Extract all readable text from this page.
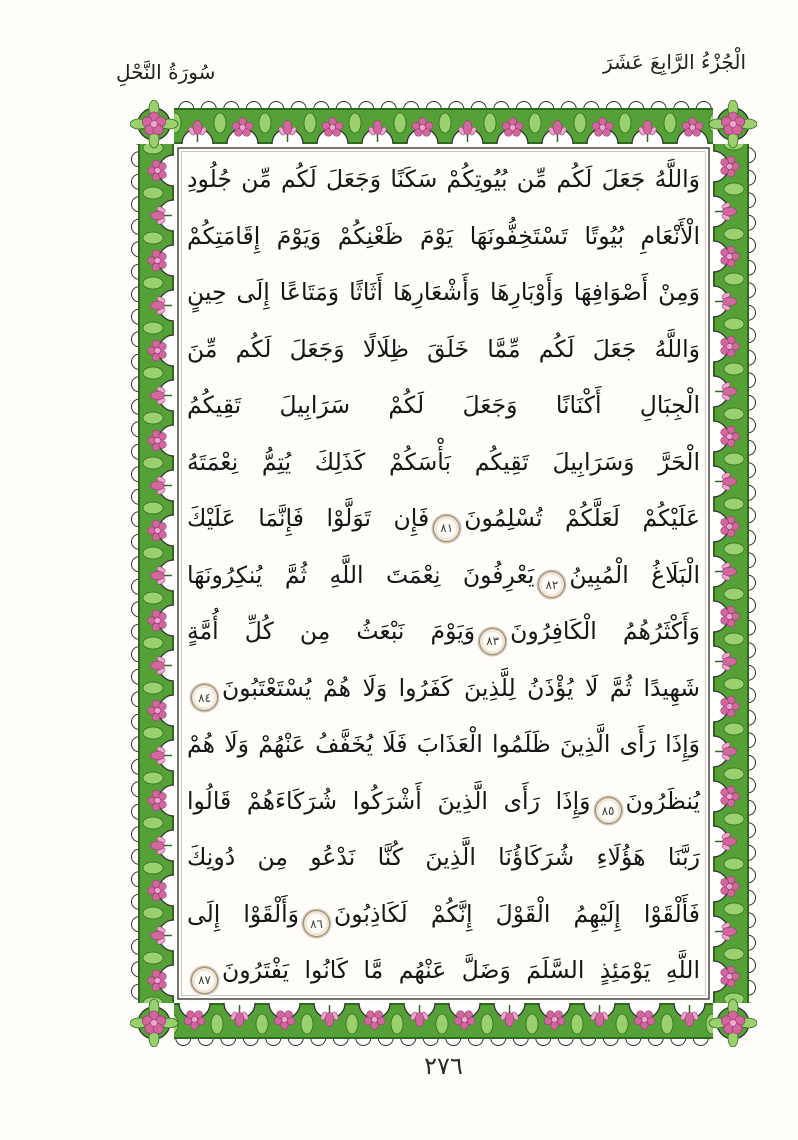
الْجُزْءُ الرَّابِعَ عَشَرَ
سُورَةُ النَّحْلِ
وَاللَّهُ جَعَلَ لَكُم مِّن بُيُوتِكُمْ سَكَنًا وَجَعَلَ لَكُم مِّن جُلُودِ
الْأَنْعَامِ بُيُوتًا تَسْتَخِفُّونَهَا يَوْمَ ظَعْنِكُمْ وَيَوْمَ إِقَامَتِكُمْ
وَمِنْ أَصْوَافِهَا وَأَوْبَارِهَا وَأَشْعَارِهَا أَثَاثًا وَمَتَاعًا إِلَى حِينٍ
وَاللَّهُ جَعَلَ لَكُم مِّمَّا خَلَقَ ظِلَالًا وَجَعَلَ لَكُم مِّنَ
الْجِبَالِ أَكْنَانًا وَجَعَلَ لَكُمْ سَرَابِيلَ تَقِيكُمُ
الْحَرَّ وَسَرَابِيلَ تَقِيكُم بَأْسَكُمْ كَذَلِكَ يُتِمُّ نِعْمَتَهُ
عَلَيْكُمْ لَعَلَّكُمْ تُسْلِمُونَ٨١فَإِن تَوَلَّوْا فَإِنَّمَا عَلَيْكَ
الْبَلَاغُ الْمُبِينُ٨٢يَعْرِفُونَ نِعْمَتَ اللَّهِ ثُمَّ يُنكِرُونَهَا
وَأَكْثَرُهُمُ الْكَافِرُونَ٨٣وَيَوْمَ نَبْعَثُ مِن كُلِّ أُمَّةٍ
شَهِيدًا ثُمَّ لَا يُؤْذَنُ لِلَّذِينَ كَفَرُوا وَلَا هُمْ يُسْتَعْتَبُونَ٨٤
وَإِذَا رَأَى الَّذِينَ ظَلَمُوا الْعَذَابَ فَلَا يُخَفَّفُ عَنْهُمْ وَلَا هُمْ
يُنظَرُونَ٨٥وَإِذَا رَأَى الَّذِينَ أَشْرَكُوا شُرَكَاءَهُمْ قَالُوا
رَبَّنَا هَؤُلَاءِ شُرَكَاؤُنَا الَّذِينَ كُنَّا نَدْعُو مِن دُونِكَ
فَأَلْقَوْا إِلَيْهِمُ الْقَوْلَ إِنَّكُمْ لَكَاذِبُونَ٨٦وَأَلْقَوْا إِلَى
اللَّهِ يَوْمَئِذٍ السَّلَمَ وَضَلَّ عَنْهُم مَّا كَانُوا يَفْتَرُونَ٨٧
٢٧٦
